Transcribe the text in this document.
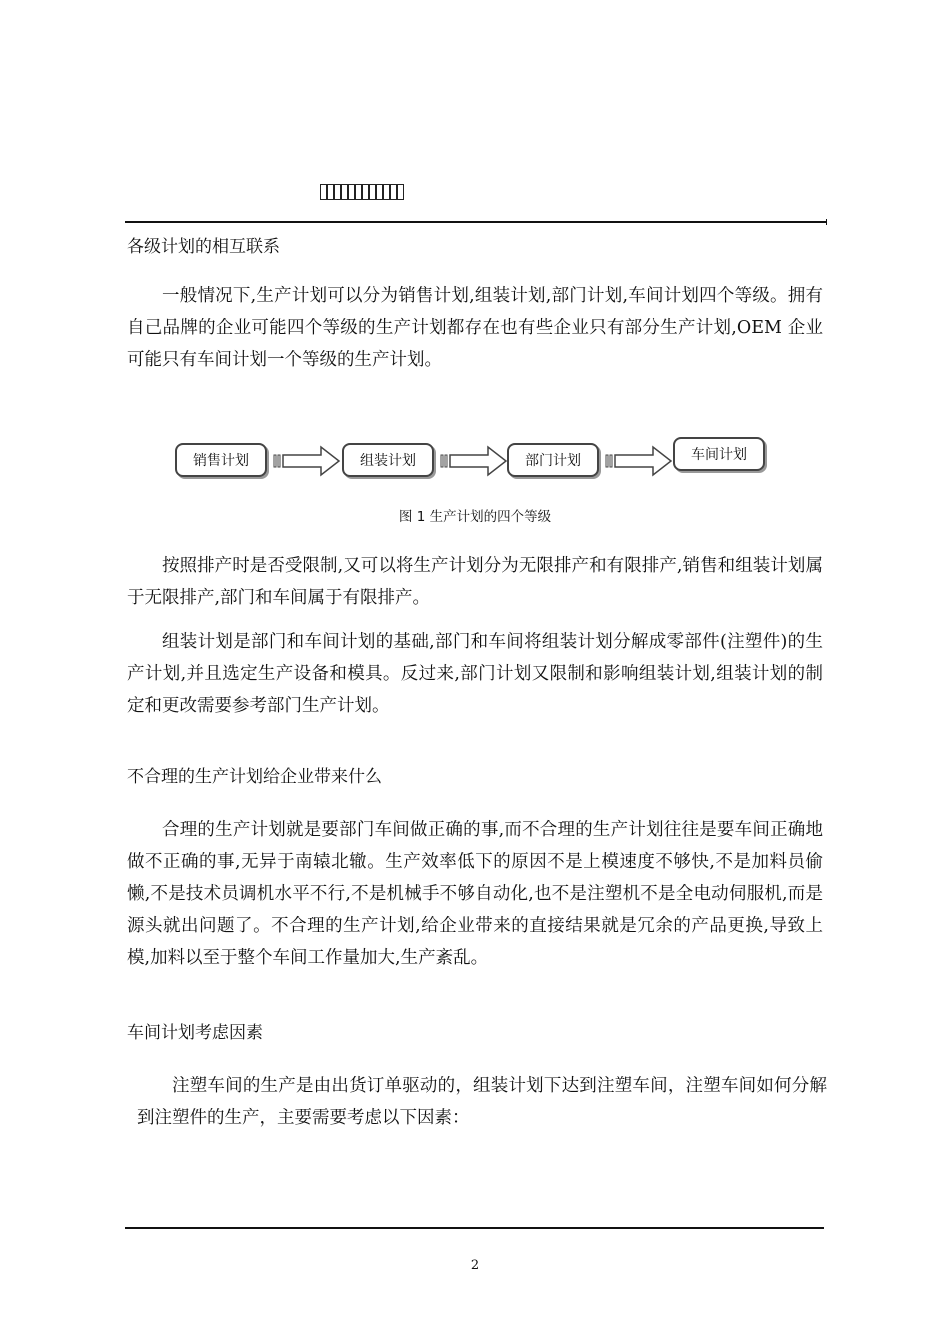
各级计划的相互联系

一般情况下,生产计划可以分为销售计划,组装计划,部门计划,车间计划四个等级。拥有自己品牌的企业可能四个等级的生产计划都存在也有些企业只有部分生产计划,OEM 企业可能只有车间计划一个等级的生产计划。

销售计划	组装计划	部门计划	车间计划
图 1 生产计划的四个等级

按照排产时是否受限制,又可以将生产计划分为无限排产和有限排产,销售和组装计划属于无限排产,部门和车间属于有限排产。

组装计划是部门和车间计划的基础,部门和车间将组装计划分解成零部件(注塑件)的生产计划,并且选定生产设备和模具。反过来,部门计划又限制和影响组装计划,组装计划的制定和更改需要参考部门生产计划。

不合理的生产计划给企业带来什么

合理的生产计划就是要部门车间做正确的事,而不合理的生产计划往往是要车间正确地做不正确的事,无异于南辕北辙。生产效率低下的原因不是上模速度不够快,不是加料员偷懒,不是技术员调机水平不行,不是机械手不够自动化,也不是注塑机不是全电动伺服机,而是源头就出问题了。不合理的生产计划,给企业带来的直接结果就是冗余的产品更换,导致上模,加料以至于整个车间工作量加大,生产紊乱。

车间计划考虑因素

注塑车间的生产是由出货订单驱动的，组装计划下达到注塑车间，注塑车间如何分解到注塑件的生产，主要需要考虑以下因素：

2
